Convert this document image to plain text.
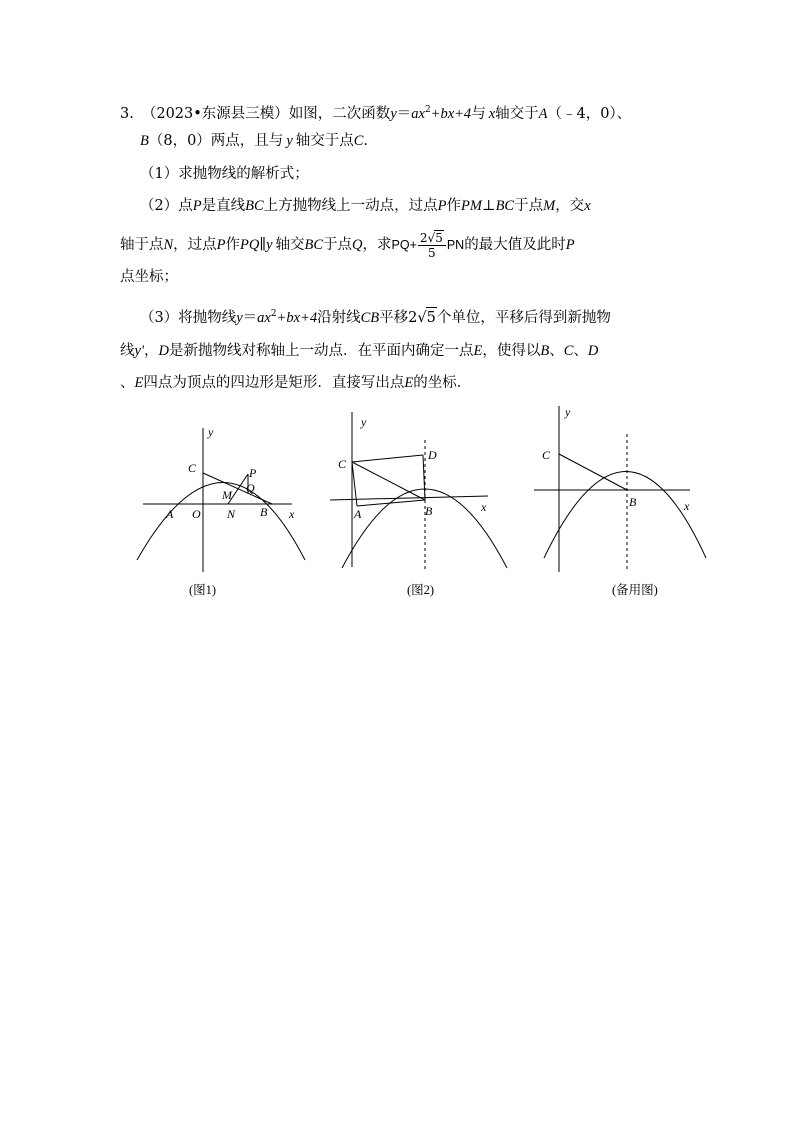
3. （2023•东源县三模）如图，二次函数$y=ax^2+bx+4$与 x轴交于A（﹣4，0）、
B（8，0）两点，且与 y 轴交于点C.
（1）求抛物线的解析式；
（2）点P是直线BC上方抛物线上一动点，过点P作PM⊥BC于点M，交x
轴于点N，过点P作PQ∥y 轴交BC于点Q，求$PQ+ \frac{2√5}{5}$ PN的最大值及此时P
点坐标；
（3）将抛物线$y=ax^2+bx+4$沿射线CB平移2√5个单位，平移后得到新抛物
线y'，D是新抛物线对称轴上一动点．在平面内确定一点E，使得以B、C、D
、E四点为顶点的四边形是矩形．直接写出点E的坐标．
y
C	P
M Q
A O N B x
y
C
D
A	B	x
y
C
B	x
(图1)	(图2)	(备用图)
